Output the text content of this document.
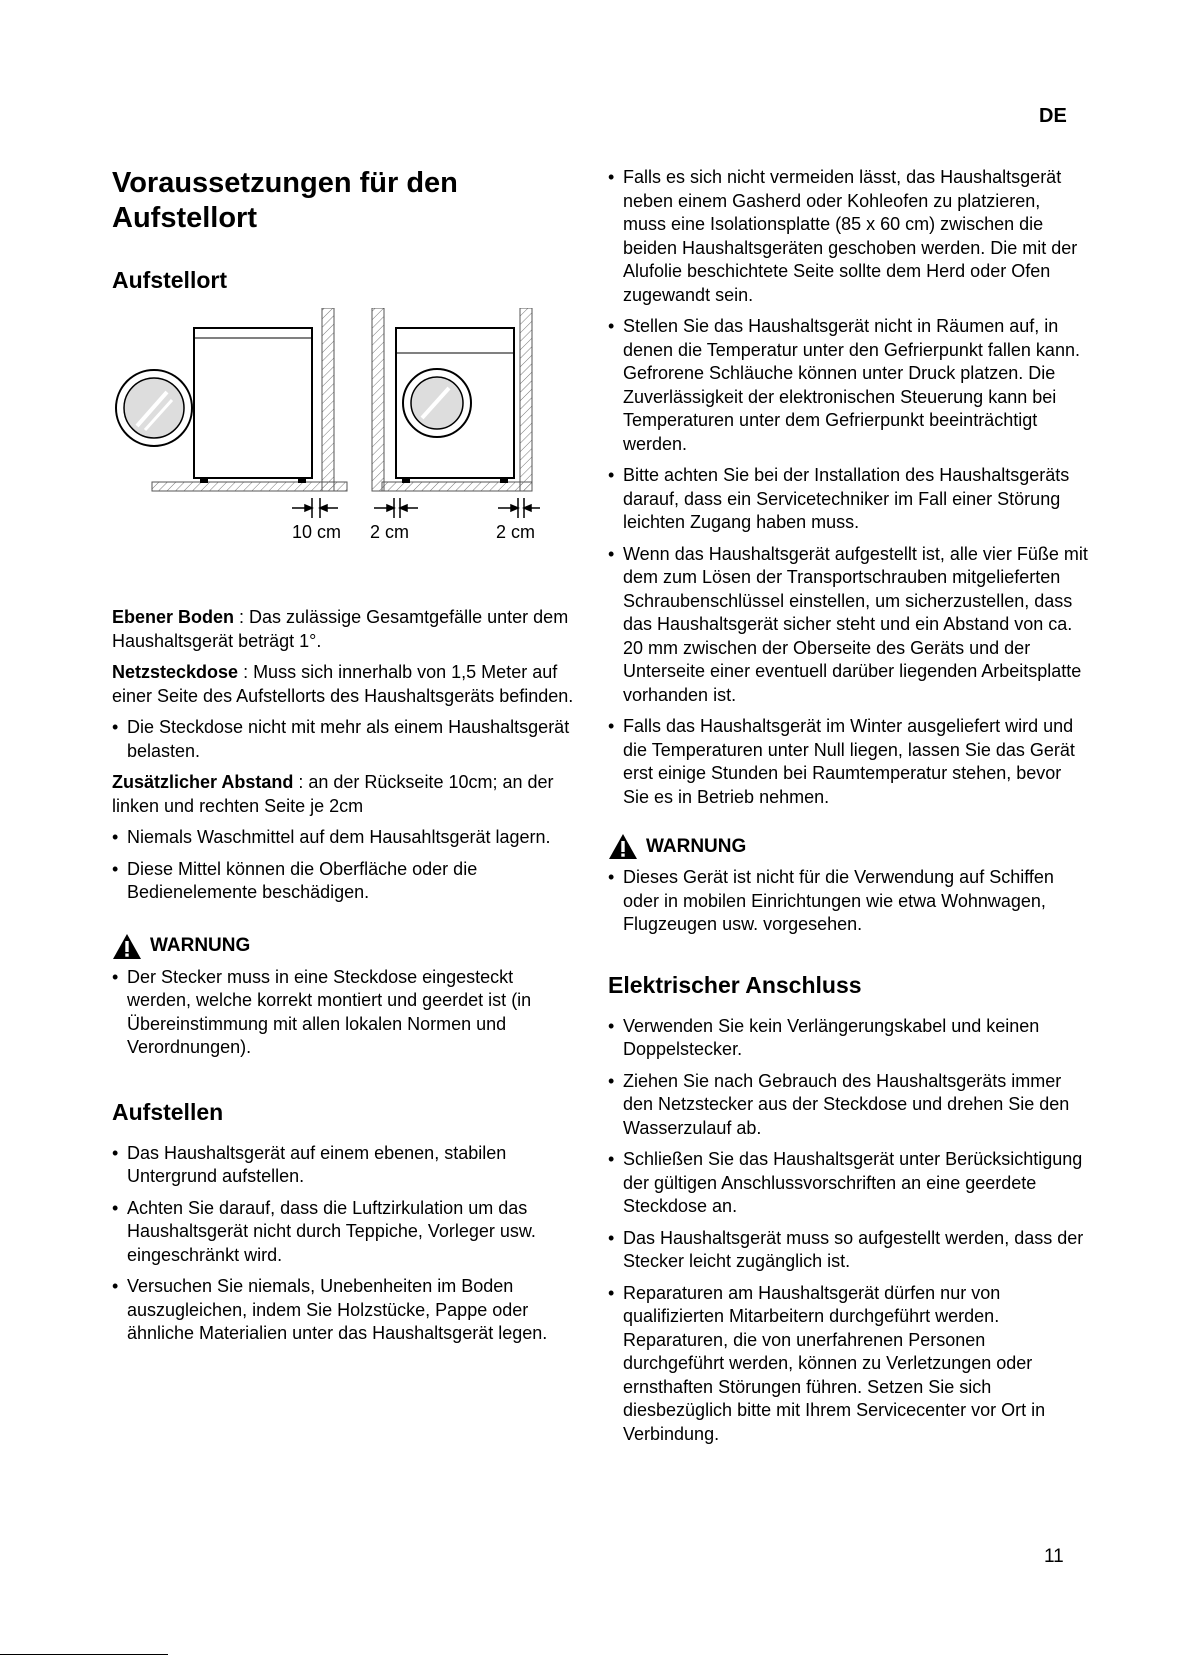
DE
Voraussetzungen für den Aufstellort
Aufstellort
10 cm 2 cm	2 cm

Ebener Boden : Das zulässige Gesamtgefälle unter dem Haushaltsgerät beträgt 1°.

Netzsteckdose : Muss sich innerhalb von 1,5 Meter auf einer Seite des Aufstellorts des Haushaltsgeräts befinden.

• Die Steckdose nicht mit mehr als einem Haushaltsgerät belasten.

Zusätzlicher Abstand : an der Rückseite 10cm; an der linken und rechten Seite je 2cm

• Niemals Waschmittel auf dem Hausahltsgerät lagern.
• Diese Mittel können die Oberfläche oder die Bedienelemente beschädigen.
WARNUNG
• Der Stecker muss in eine Steckdose eingesteckt werden, welche korrekt montiert und geerdet ist (in Übereinstimmung mit allen lokalen Normen und Verordnungen).
Aufstellen
• Das Haushaltsgerät auf einem ebenen, stabilen Untergrund aufstellen.
• Achten Sie darauf, dass die Luftzirkulation um das Haushaltsgerät nicht durch Teppiche, Vorleger usw. eingeschränkt wird.
• Versuchen Sie niemals, Unebenheiten im Boden auszugleichen, indem Sie Holzstücke, Pappe oder ähnliche Materialien unter das Haushaltsgerät legen.
• Falls es sich nicht vermeiden lässt, das Haushaltsgerät neben einem Gasherd oder Kohleofen zu platzieren, muss eine Isolationsplatte (85 x 60 cm) zwischen die beiden Haushaltsgeräten geschoben werden. Die mit der Alufolie beschichtete Seite sollte dem Herd oder Ofen zugewandt sein.
• Stellen Sie das Haushaltsgerät nicht in Räumen auf, in denen die Temperatur unter den Gefrierpunkt fallen kann. Gefrorene Schläuche können unter Druck platzen. Die Zuverlässigkeit der elektronischen Steuerung kann bei Temperaturen unter dem Gefrierpunkt beeinträchtigt werden.
• Bitte achten Sie bei der Installation des Haushaltsgeräts darauf, dass ein Servicetechniker im Fall einer Störung leichten Zugang haben muss.
• Wenn das Haushaltsgerät aufgestellt ist, alle vier Füße mit dem zum Lösen der Transportschrauben mitgelieferten Schraubenschlüssel einstellen, um sicherzustellen, dass das Haushaltsgerät sicher steht und ein Abstand von ca. 20 mm zwischen der Oberseite des Geräts und der Unterseite einer eventuell darüber liegenden Arbeitsplatte vorhanden ist.
• Falls das Haushaltsgerät im Winter ausgeliefert wird und die Temperaturen unter Null liegen, lassen Sie das Gerät erst einige Stunden bei Raumtemperatur stehen, bevor Sie es in Betrieb nehmen.
WARNUNG
• Dieses Gerät ist nicht für die Verwendung auf Schiffen oder in mobilen Einrichtungen wie etwa Wohnwagen, Flugzeugen usw. vorgesehen.
Elektrischer Anschluss
• Verwenden Sie kein Verlängerungskabel und keinen Doppelstecker.
• Ziehen Sie nach Gebrauch des Haushaltsgeräts immer den Netzstecker aus der Steckdose und drehen Sie den Wasserzulauf ab.
• Schließen Sie das Haushaltsgerät unter Berücksichtigung der gültigen Anschlussvorschriften an eine geerdete Steckdose an.
• Das Haushaltsgerät muss so aufgestellt werden, dass der Stecker leicht zugänglich ist.
• Reparaturen am Haushaltsgerät dürfen nur von qualifizierten Mitarbeitern durchgeführt werden. Reparaturen, die von unerfahrenen Personen durchgeführt werden, können zu Verletzungen oder ernsthaften Störungen führen. Setzen Sie sich diesbezüglich bitte mit Ihrem Servicecenter vor Ort in Verbindung.
11
